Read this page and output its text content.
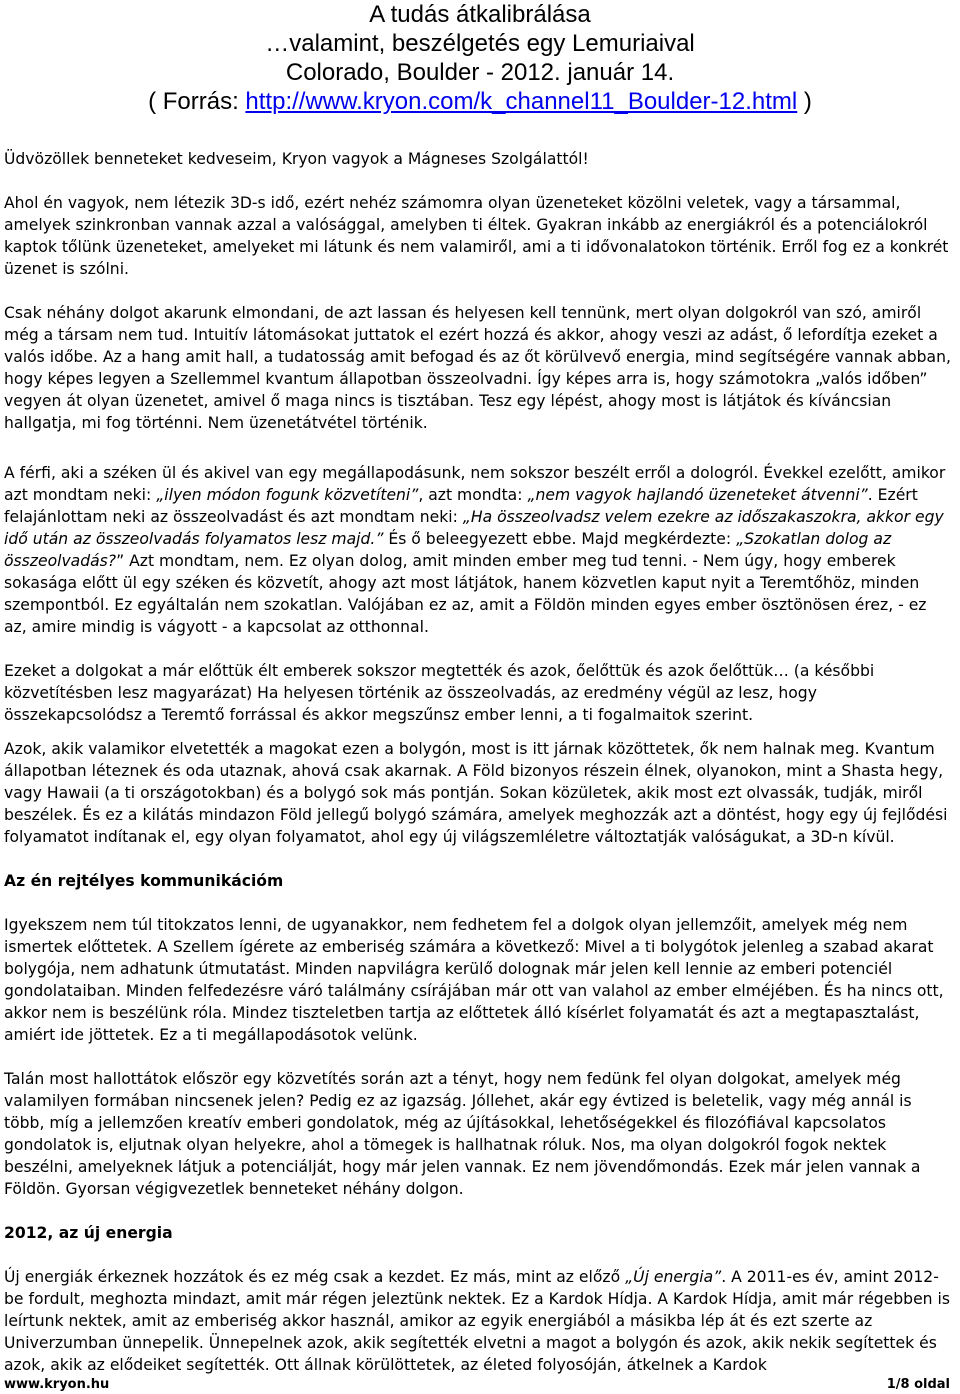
A tudás átkalibrálása
…valamint, beszélgetés egy Lemuriaival
Colorado, Boulder - 2012. január 14.
( Forrás: http://www.kryon.com/k_channel11_Boulder-12.html )

Üdvözöllek benneteket kedveseim, Kryon vagyok a Mágneses Szolgálattól!

Ahol én vagyok, nem létezik 3D-s idő, ezért nehéz számomra olyan üzeneteket közölni veletek, vagy a társammal, amelyek szinkronban vannak azzal a valósággal, amelyben ti éltek. Gyakran inkább az energiákról és a potenciálokról kaptok tőlünk üzeneteket, amelyeket mi látunk és nem valamiről, ami a ti idővonalatokon történik. Erről fog ez a konkrét üzenet is szólni.

Csak néhány dolgot akarunk elmondani, de azt lassan és helyesen kell tennünk, mert olyan dolgokról van szó, amiről még a társam nem tud. Intuitív látomásokat juttatok el ezért hozzá és akkor, ahogy veszi az adást, ő lefordítja ezeket a valós időbe. Az a hang amit hall, a tudatosság amit befogad és az őt körülvevő energia, mind segítségére vannak abban, hogy képes legyen a Szellemmel kvantum állapotban összeolvadni. Így képes arra is, hogy számotokra „valós időben” vegyen át olyan üzenetet, amivel ő maga nincs is tisztában. Tesz egy lépést, ahogy most is látjátok és kíváncsian hallgatja, mi fog történni. Nem üzenetátvétel történik.

A férfi, aki a széken ül és akivel van egy megállapodásunk, nem sokszor beszélt erről a dologról. Évekkel ezelőtt, amikor azt mondtam neki: „ilyen módon fogunk közvetíteni”, azt mondta: „nem vagyok hajlandó üzeneteket átvenni”. Ezért felajánlottam neki az összeolvadást és azt mondtam neki: „Ha összeolvadsz velem ezekre az időszakaszokra, akkor egy idő után az összeolvadás folyamatos lesz majd.” És ő beleegyezett ebbe. Majd megkérdezte: „Szokatlan dolog az összeolvadás?” Azt mondtam, nem. Ez olyan dolog, amit minden ember meg tud tenni. - Nem úgy, hogy emberek sokasága előtt ül egy széken és közvetít, ahogy azt most látjátok, hanem közvetlen kaput nyit a Teremtőhöz, minden szempontból. Ez egyáltalán nem szokatlan. Valójában ez az, amit a Földön minden egyes ember ösztönösen érez, - ez az, amire mindig is vágyott - a kapcsolat az otthonnal.

Ezeket a dolgokat a már előttük élt emberek sokszor megtették és azok, őelőttük és azok őelőttük… (a későbbi közvetítésben lesz magyarázat) Ha helyesen történik az összeolvadás, az eredmény végül az lesz, hogy összekapcsolódsz a Teremtő forrással és akkor megszűnsz ember lenni, a ti fogalmaitok szerint.

Azok, akik valamikor elvetették a magokat ezen a bolygón, most is itt járnak közöttetek, ők nem halnak meg. Kvantum állapotban léteznek és oda utaznak, ahová csak akarnak. A Föld bizonyos részein élnek, olyanokon, mint a Shasta hegy, vagy Hawaii (a ti országotokban) és a bolygó sok más pontján. Sokan közületek, akik most ezt olvassák, tudják, miről beszélek. És ez a kilátás mindazon Föld jellegű bolygó számára, amelyek meghozzák azt a döntést, hogy egy új fejlődési folyamatot indítanak el, egy olyan folyamatot, ahol egy új világszemléletre változtatják valóságukat, a 3D-n kívül.

Az én rejtélyes kommunikációm

Igyekszem nem túl titokzatos lenni, de ugyanakkor, nem fedhetem fel a dolgok olyan jellemzőit, amelyek még nem ismertek előttetek. A Szellem ígérete az emberiség számára a következő: Mivel a ti bolygótok jelenleg a szabad akarat bolygója, nem adhatunk útmutatást. Minden napvilágra kerülő dolognak már jelen kell lennie az emberi potenciél gondolataiban. Minden felfedezésre váró találmány csírájában már ott van valahol az ember elméjében. És ha nincs ott, akkor nem is beszélünk róla. Mindez tiszteletben tartja az előttetek álló kísérlet folyamatát és azt a megtapasztalást, amiért ide jöttetek. Ez a ti megállapodásotok velünk.

Talán most hallottátok először egy közvetítés során azt a tényt, hogy nem fedünk fel olyan dolgokat, amelyek még valamilyen formában nincsenek jelen? Pedig ez az igazság. Jóllehet, akár egy évtized is beletelik, vagy még annál is több, míg a jellemzően kreatív emberi gondolatok, még az újításokkal, lehetőségekkel és filozófiával kapcsolatos gondolatok is, eljutnak olyan helyekre, ahol a tömegek is hallhatnak róluk. Nos, ma olyan dolgokról fogok nektek beszélni, amelyeknek látjuk a potenciálját, hogy már jelen vannak. Ez nem jövendőmondás. Ezek már jelen vannak a Földön. Gyorsan végigvezetlek benneteket néhány dolgon.

2012, az új energia

Új energiák érkeznek hozzátok és ez még csak a kezdet. Ez más, mint az előző „Új energia”. A 2011-es év, amint 2012-be fordult, meghozta mindazt, amit már régen jeleztünk nektek. Ez a Kardok Hídja. A Kardok Hídja, amit már régebben is leírtunk nektek, amit az emberiség akkor használ, amikor az egyik energiából a másikba lép át és ezt szerte az Univerzumban ünnepelik. Ünnepelnek azok, akik segítették elvetni a magot a bolygón és azok, akik nekik segítettek és azok, akik az elődeiket segítették. Ott állnak körülöttetek, az életed folyosóján, átkelnek a Kardok

www.kryon.hu	1/8 oldal
